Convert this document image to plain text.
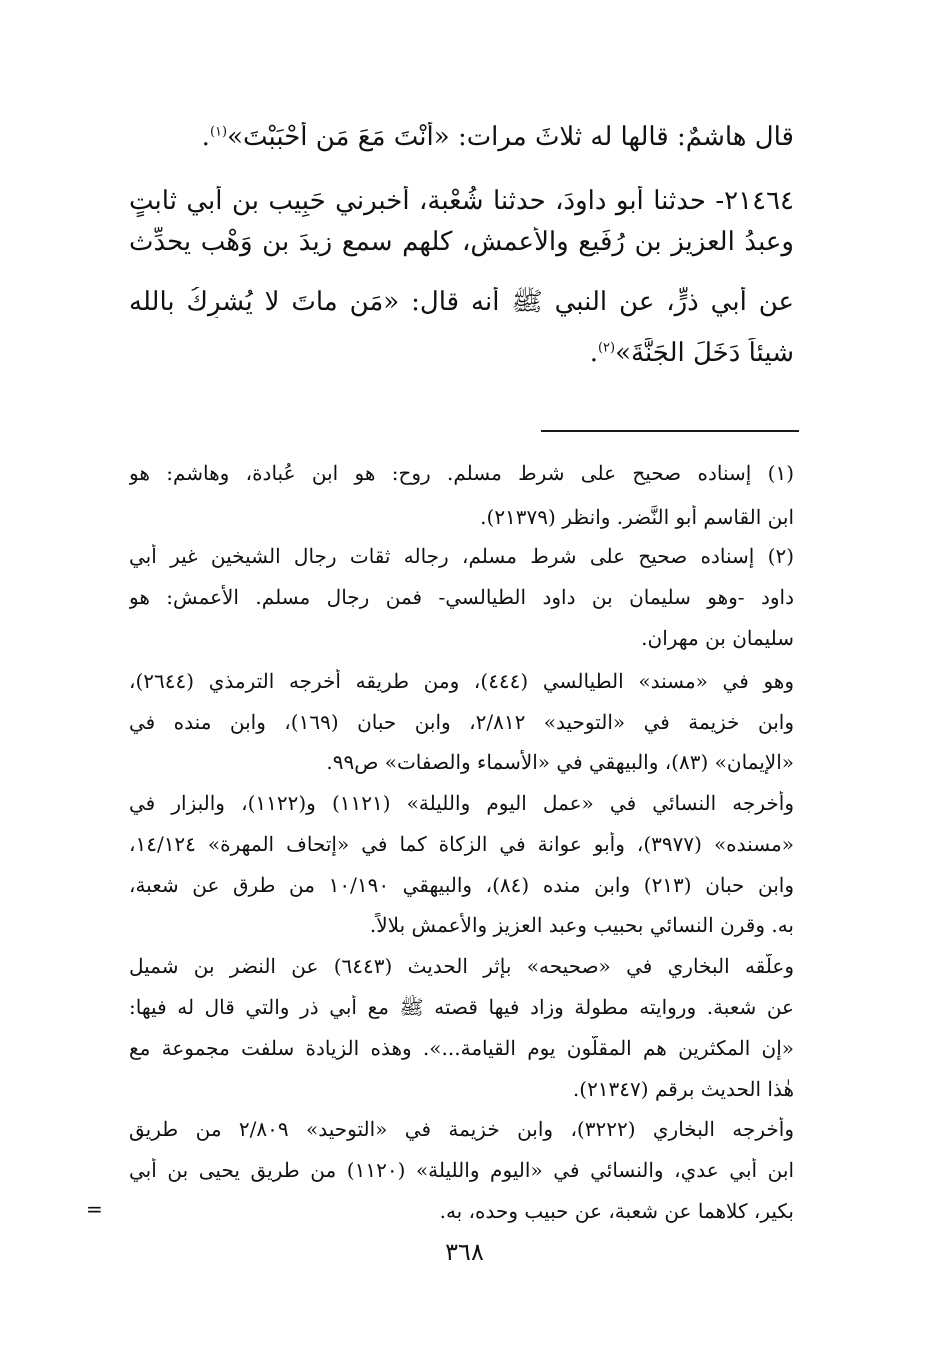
قال هاشمٌ: قالها له ثلاثَ مرات: «أَنْتَ مَعَ مَن أَحْبَبْتَ»$^{(١)}$.
٢١٤٦٤- حدثنا أبو داودَ، حدثنا شُعْبة، أخبرني حَبِيب بن أبي ثابتٍ
وعبدُ العزيز بن رُفَيع والأعمش، كلهم سمع زيدَ بن وَهْب يحدِّث
عن أبي ذرٍّ، عن النبي ﷺ أنه قال: «مَن ماتَ لا يُشرِكُ بالله
شيئاً دَخَلَ الجَنَّةَ»$^{(٢)}$.
(١) إسناده صحيح على شرط مسلم. روح: هو ابن عُبادة، وهاشم: هو
ابن القاسم أبو النَّضر. وانظر (٢١٣٧٩).
(٢) إسناده صحيح على شرط مسلم، رجاله ثقات رجال الشيخين غير أبي
داود -وهو سليمان بن داود الطيالسي- فمن رجال مسلم. الأعمش: هو
سليمان بن مهران.
وهو في «مسند» الطيالسي (٤٤٤)، ومن طريقه أخرجه الترمذي (٢٦٤٤)،
وابن خزيمة في «التوحيد» ٢/٨١٢، وابن حبان (١٦٩)، وابن منده في
«الإيمان» (٨٣)، والبيهقي في «الأسماء والصفات» ص٩٩.
وأخرجه النسائي في «عمل اليوم والليلة» (١١٢١) و(١١٢٢)، والبزار في
«مسنده» (٣٩٧٧)، وأبو عوانة في الزكاة كما في «إتحاف المهرة» ١٤/١٢٤،
وابن حبان (٢١٣) وابن منده (٨٤)، والبيهقي ١٠/١٩٠ من طرق عن شعبة،
به. وقرن النسائي بحبيب وعبد العزيز والأعمش بلالاً.
وعلَّقه البخاري في «صحيحه» بإثر الحديث (٦٤٤٣) عن النضر بن شميل
عن شعبة. وروايته مطولة وزاد فيها قصته ﷺ مع أبي ذر والتي قال له فيها:
«إن المكثرين هم المقلُّون يوم القيامة...». وهذه الزيادة سلفت مجموعة مع
هٰذا الحديث برقم (٢١٣٤٧).
وأخرجه البخاري (٣٢٢٢)، وابن خزيمة في «التوحيد» ٢/٨٠٩ من طريق
ابن أبي عدي، والنسائي في «اليوم والليلة» (١١٢٠) من طريق يحيى بن أبي
بكير، كلاهما عن شعبة، عن حبيب وحده، به.
=
٣٦٨
